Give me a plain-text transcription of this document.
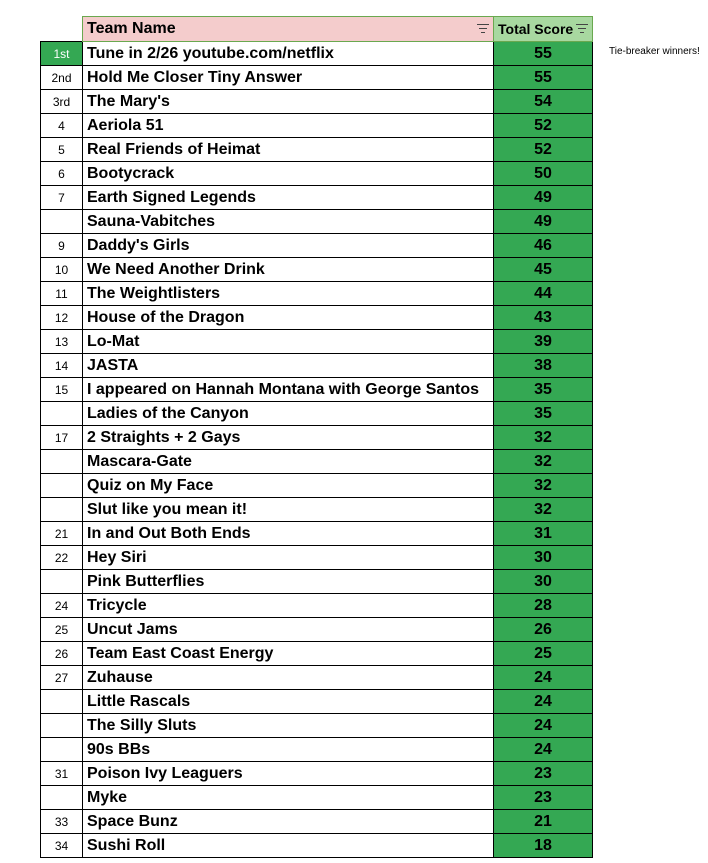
	Team Name	Total Score

1st	Tune in 2/26 youtube.com/netflix	55
2nd	Hold Me Closer Tiny Answer	55
3rd	The Mary's	54
4	Aeriola 51	52
5	Real Friends of Heimat	52
6	Bootycrack	50
7	Earth Signed Legends	49
	Sauna-Vabitches	49
9	Daddy's Girls	46
10	We Need Another Drink	45
11	The Weightlisters	44
12	House of the Dragon	43
13	Lo-Mat	39
14	JASTA	38
15	I appeared on Hannah Montana with George Santos	35
	Ladies of the Canyon	35
17	2 Straights + 2 Gays	32
	Mascara-Gate	32
	Quiz on My Face	32
	Slut like you mean it!	32
21	In and Out Both Ends	31
22	Hey Siri	30
	Pink Butterflies	30
24	Tricycle	28
25	Uncut Jams	26
26	Team East Coast Energy	25
27	Zuhause	24
	Little Rascals	24
	The Silly Sluts	24
	90s BBs	24
31	Poison Ivy Leaguers	23
	Myke	23
33	Space Bunz	21
34	Sushi Roll	18
Tie-breaker winners!
